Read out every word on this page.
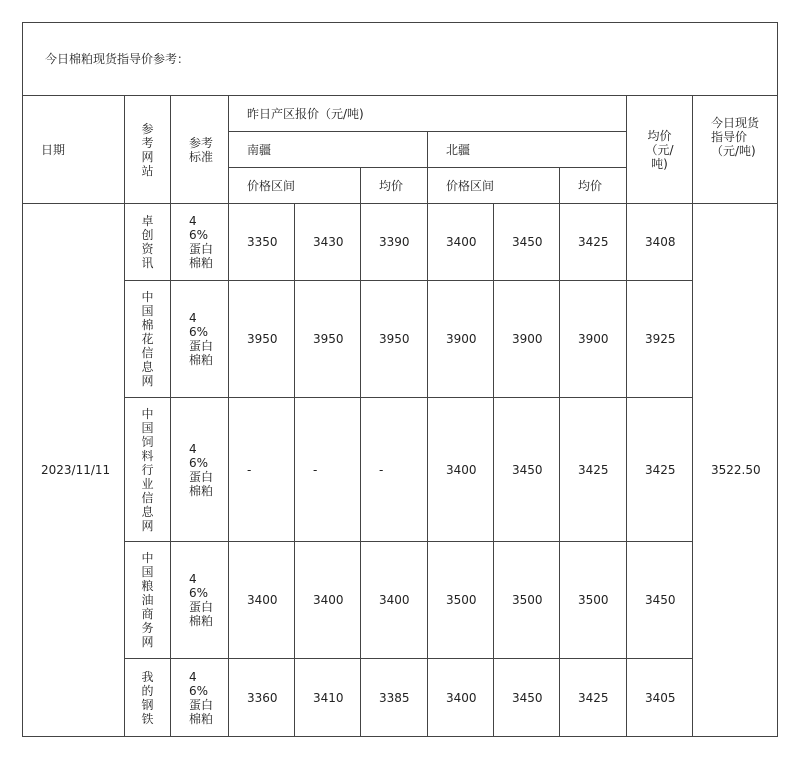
今日棉粕现货指导价参考：										
日期	参考网站	参考标准	昨日产区报价（元/吨)						均价（元/吨)	今日现货指导价（元/吨)
			南疆			北疆				
			价格区间		均价	价格区间		均价		
2023/11/11	卓创资讯	46%蛋白棉粕	3350	3430	3390	3400	3450	3425	3408	3522.50
	中国棉花信息网	46%蛋白棉粕	3950	3950	3950	3900	3900	3900	3925	
	中国饲料行业信息网	46%蛋白棉粕	-	-	-	3400	3450	3425	3425	
	中国粮油商务网	46%蛋白棉粕	3400	3400	3400	3500	3500	3500	3450	
	我的钢铁	46%蛋白棉粕	3360	3410	3385	3400	3450	3425	3405	
